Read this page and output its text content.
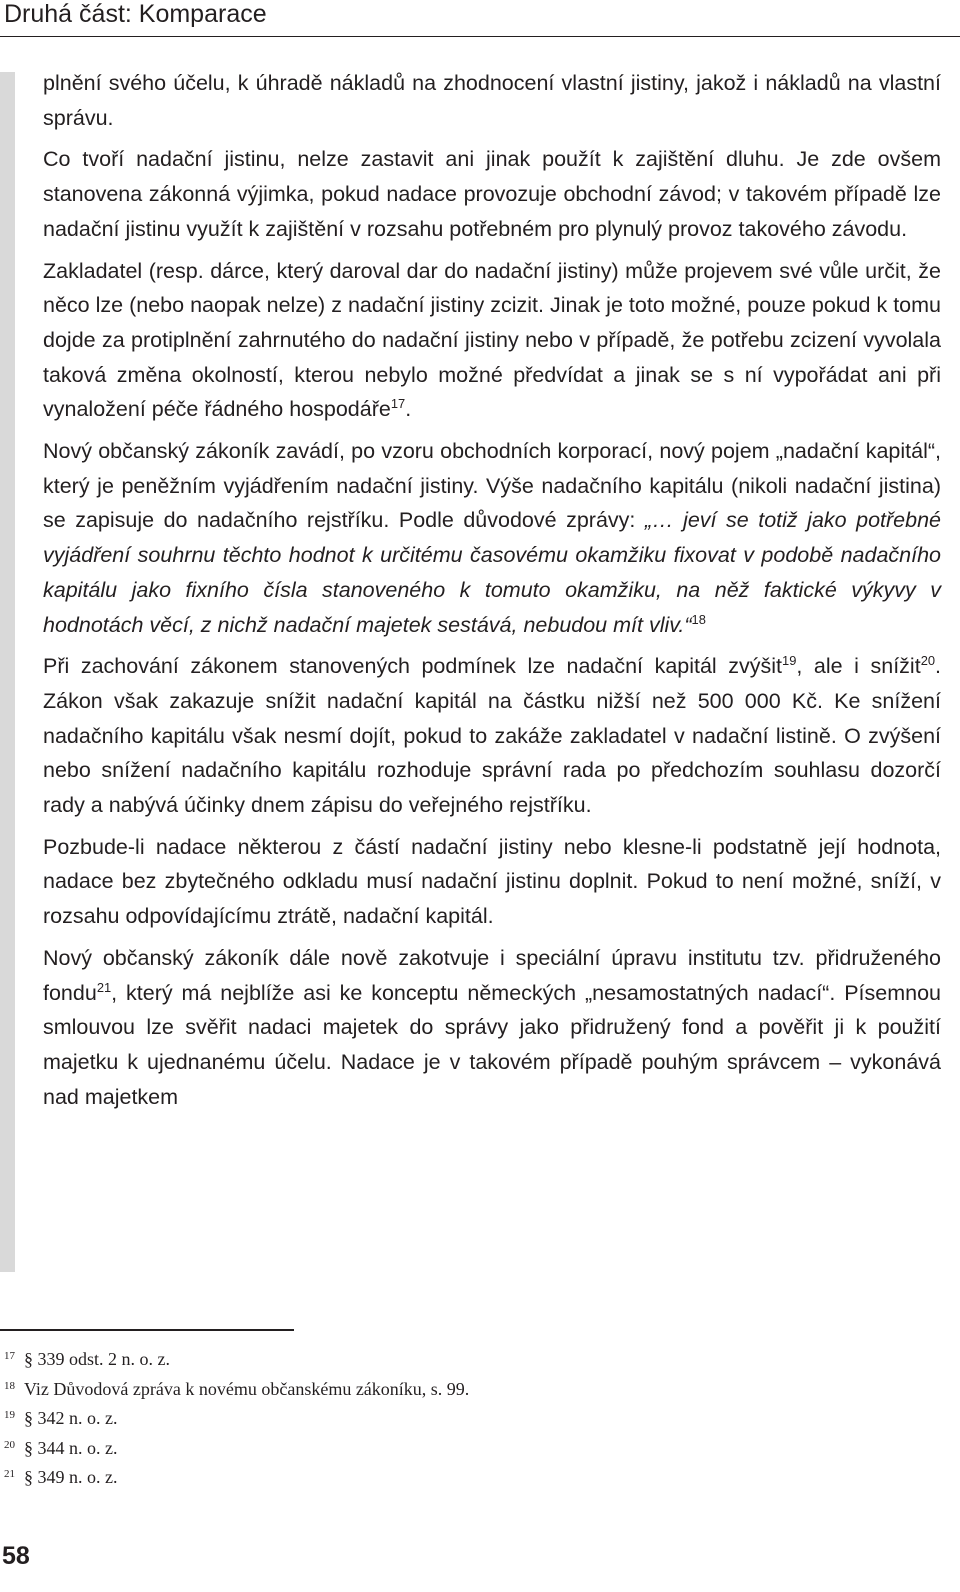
Druhá část: Komparace

plnění svého účelu, k úhradě nákladů na zhodnocení vlastní jistiny, jakož i nákladů na vlastní správu.

Co tvoří nadační jistinu, nelze zastavit ani jinak použít k zajištění dluhu. Je zde ovšem stanovena zákonná výjimka, pokud nadace provozuje obchodní závod; v takovém případě lze nadační jistinu využít k zajištění v rozsahu potřebném pro plynulý provoz takového závodu.

Zakladatel (resp. dárce, který daroval dar do nadační jistiny) může projevem své vůle určit, že něco lze (nebo naopak nelze) z nadační jistiny zcizit. Jinak je toto možné, pouze pokud k tomu dojde za protiplnění zahrnutého do nadační jistiny nebo v případě, že potřebu zcizení vyvolala taková změna okolností, kterou nebylo možné předvídat a jinak se s ní vypořádat ani při vynaložení péče řádného hospodáře$^{17}$.

Nový občanský zákoník zavádí, po vzoru obchodních korporací, nový pojem „nadační kapitál“, který je peněžním vyjádřením nadační jistiny. Výše nadačního kapitálu (nikoli nadační jistina) se zapisuje do nadačního rejstříku. Podle důvodové zprávy: „… jeví se totiž jako potřebné vyjádření souhrnu těchto hodnot k určitému časovému okamžiku fixovat v podobě nadačního kapitálu jako fixního čísla stanoveného k tomuto okamžiku, na něž faktické výkyvy v hodnotách věcí, z nichž nadační majetek sestává, nebudou mít vliv.“$^{18}$

Při zachování zákonem stanovených podmínek lze nadační kapitál zvýšit$^{19}$, ale i snížit$^{20}$. Zákon však zakazuje snížit nadační kapitál na částku nižší než 500 000 Kč. Ke snížení nadačního kapitálu však nesmí dojít, pokud to zakáže zakladatel v nadační listině. O zvýšení nebo snížení nadačního kapitálu rozhoduje správní rada po předchozím souhlasu dozorčí rady a nabývá účinky dnem zápisu do veřejného rejstříku.

Pozbude-li nadace některou z částí nadační jistiny nebo klesne-li podstatně její hodnota, nadace bez zbytečného odkladu musí nadační jistinu doplnit. Pokud to není možné, sníží, v rozsahu odpovídajícímu ztrátě, nadační kapitál.

Nový občanský zákoník dále nově zakotvuje i speciální úpravu institutu tzv. přidruženého fondu$^{21}$, který má nejblíže asi ke konceptu německých „nesamostatných nadací“. Písemnou smlouvou lze svěřit nadaci majetek do správy jako přidružený fond a pověřit ji k použití majetku k ujednanému účelu. Nadace je v takovém případě pouhým správcem – vykonává nad majetkem

17 § 339 odst. 2 n. o. z.
18 Viz Důvodová zpráva k novému občanskému zákoníku, s. 99.
19 § 342 n. o. z.
20 § 344 n. o. z.
21 § 349 n. o. z.
58
